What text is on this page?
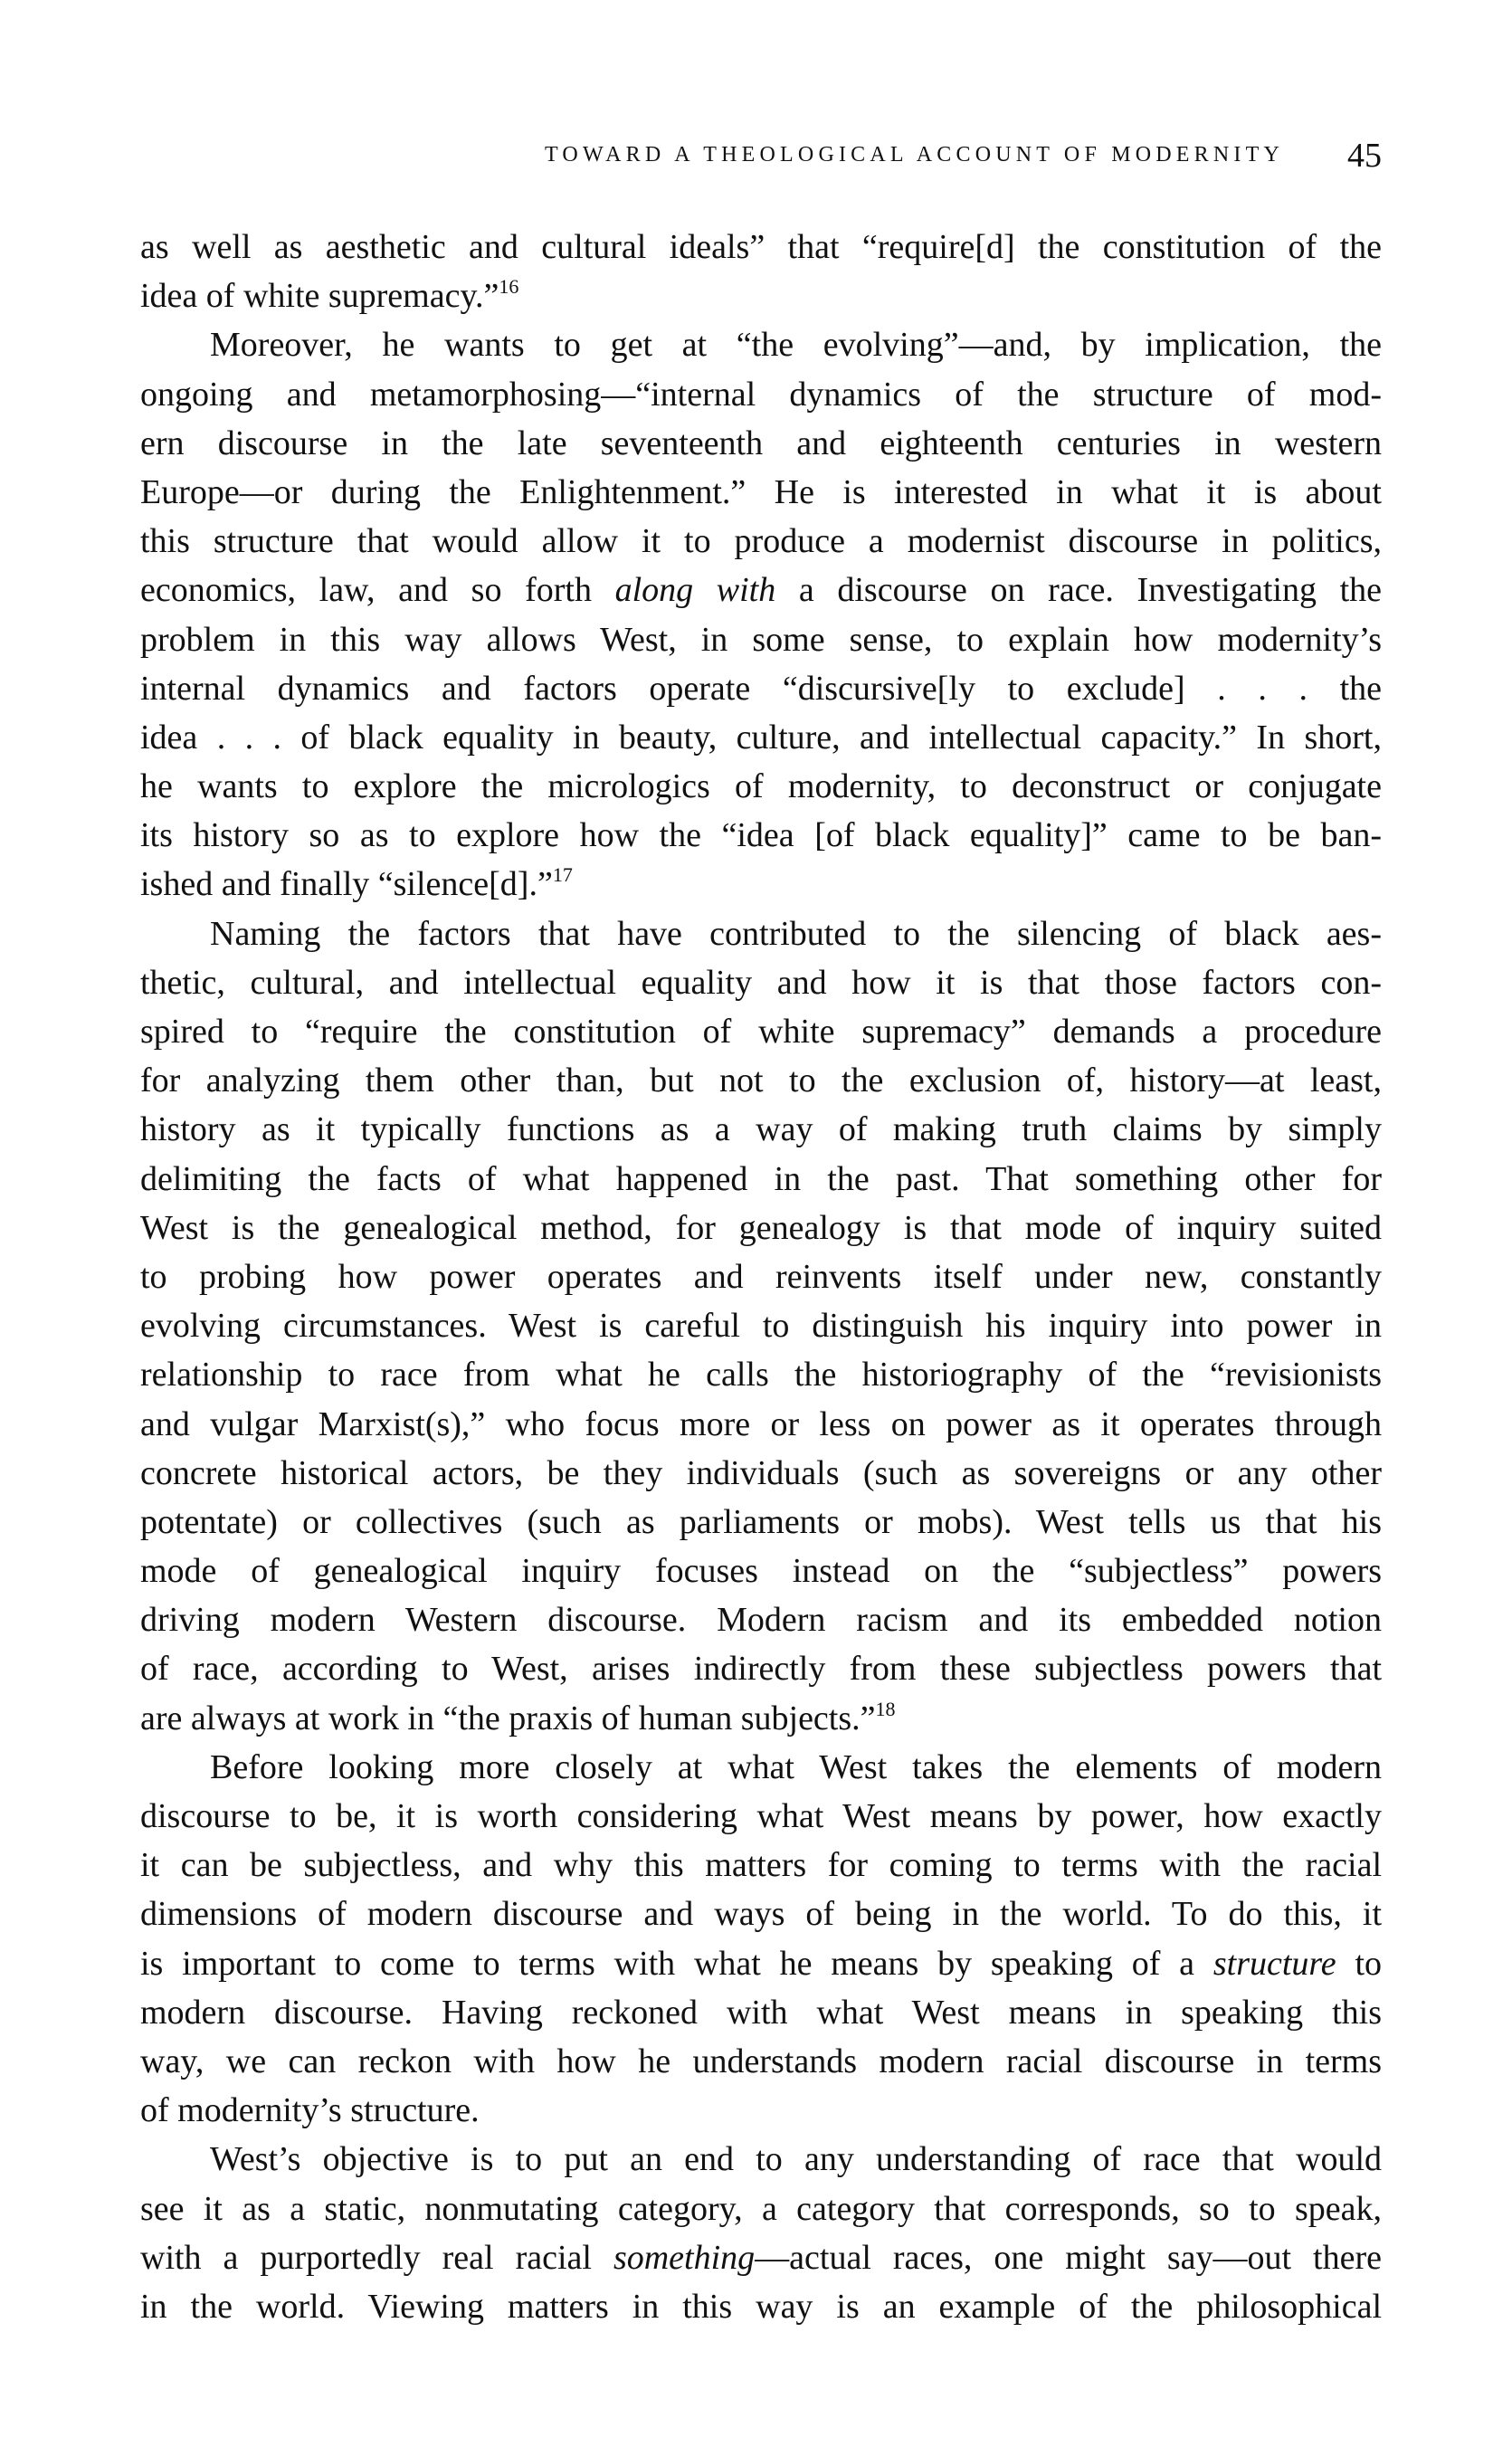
TOWARD A THEOLOGICAL ACCOUNT OF MODERNITY 45
as well as aesthetic and cultural ideals” that “require[d] the constitution of the
idea of white supremacy.”$^{16}$
Moreover, he wants to get at “the evolving”—and, by implication, the
ongoing and metamorphosing—“internal dynamics of the structure of mod-
ern discourse in the late seventeenth and eighteenth centuries in western
Europe—or during the Enlightenment.” He is interested in what it is about
this structure that would allow it to produce a modernist discourse in politics,
economics, law, and so forth along with a discourse on race. Investigating the
problem in this way allows West, in some sense, to explain how modernity’s
internal dynamics and factors operate “discursive[ly to exclude] . . . the
idea . . . of black equality in beauty, culture, and intellectual capacity.” In short,
he wants to explore the micrologics of modernity, to deconstruct or conjugate
its history so as to explore how the “idea [of black equality]” came to be ban-
ished and finally “silence[d].”$^{17}$
Naming the factors that have contributed to the silencing of black aes-
thetic, cultural, and intellectual equality and how it is that those factors con-
spired to “require the constitution of white supremacy” demands a procedure
for analyzing them other than, but not to the exclusion of, history—at least,
history as it typically functions as a way of making truth claims by simply
delimiting the facts of what happened in the past. That something other for
West is the genealogical method, for genealogy is that mode of inquiry suited
to probing how power operates and reinvents itself under new, constantly
evolving circumstances. West is careful to distinguish his inquiry into power in
relationship to race from what he calls the historiography of the “revisionists
and vulgar Marxist(s),” who focus more or less on power as it operates through
concrete historical actors, be they individuals (such as sovereigns or any other
potentate) or collectives (such as parliaments or mobs). West tells us that his
mode of genealogical inquiry focuses instead on the “subjectless” powers
driving modern Western discourse. Modern racism and its embedded notion
of race, according to West, arises indirectly from these subjectless powers that
are always at work in “the praxis of human subjects.”$^{18}$
Before looking more closely at what West takes the elements of modern
discourse to be, it is worth considering what West means by power, how exactly
it can be subjectless, and why this matters for coming to terms with the racial
dimensions of modern discourse and ways of being in the world. To do this, it
is important to come to terms with what he means by speaking of a structure to
modern discourse. Having reckoned with what West means in speaking this
way, we can reckon with how he understands modern racial discourse in terms
of modernity’s structure.
West’s objective is to put an end to any understanding of race that would
see it as a static, nonmutating category, a category that corresponds, so to speak,
with a purportedly real racial something—actual races, one might say—out there
in the world. Viewing matters in this way is an example of the philosophical
